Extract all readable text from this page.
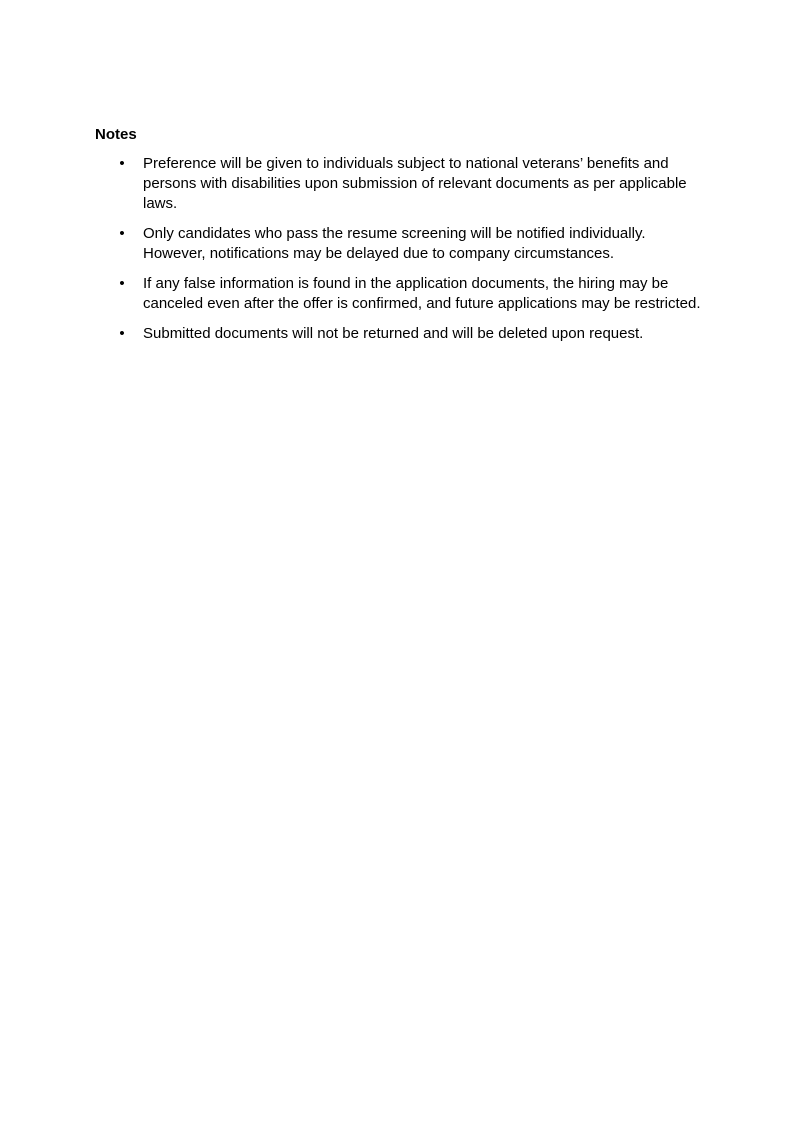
Notes
• Preference will be given to individuals subject to national veterans’ benefits and persons with disabilities upon submission of relevant documents as per applicable laws.
• Only candidates who pass the resume screening will be notified individually. However, notifications may be delayed due to company circumstances.
• If any false information is found in the application documents, the hiring may be canceled even after the offer is confirmed, and future applications may be restricted.
• Submitted documents will not be returned and will be deleted upon request.
